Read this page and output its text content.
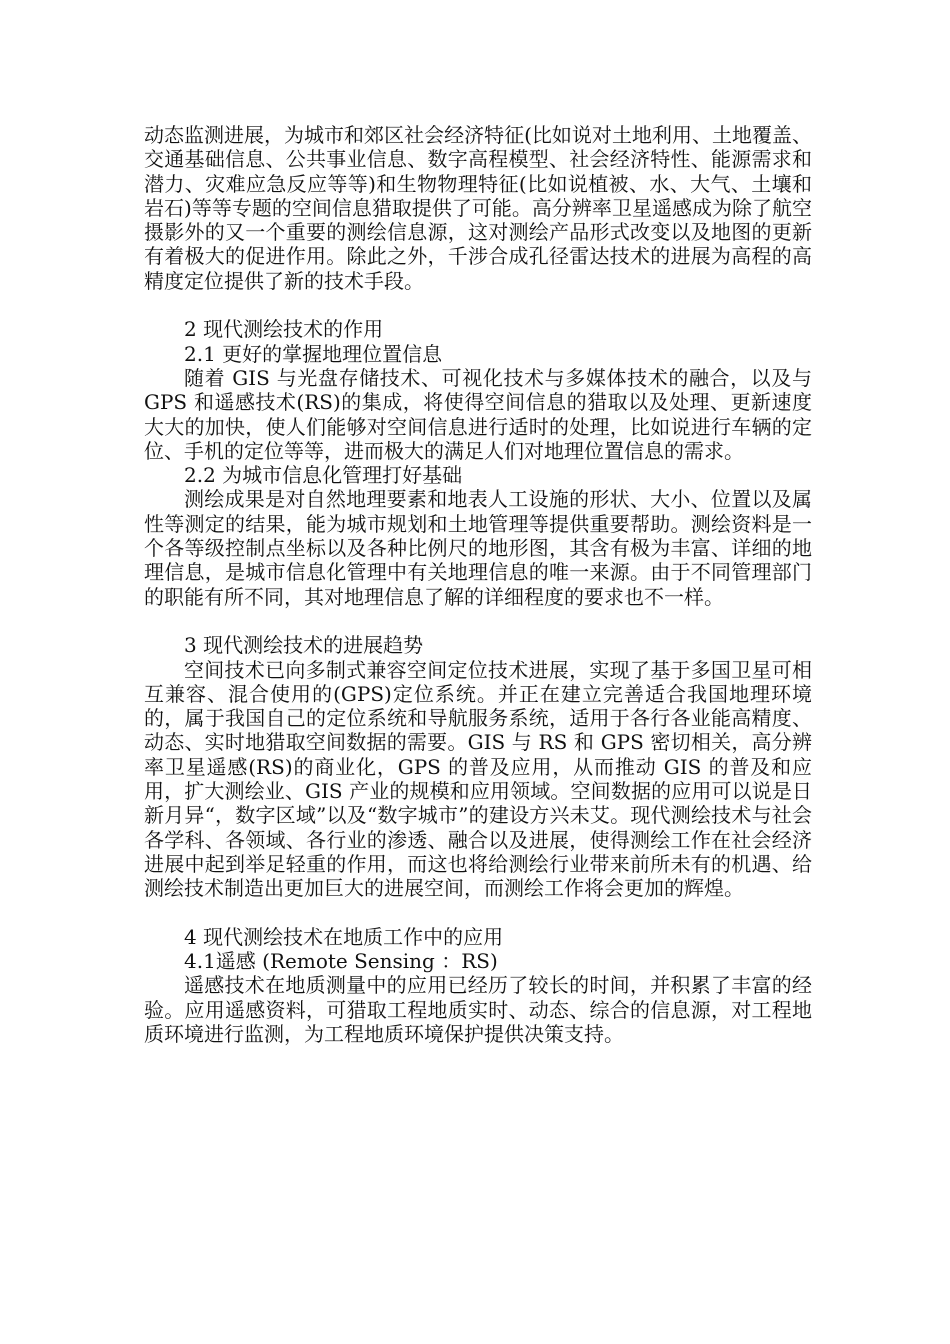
动态监测进展，为城市和郊区社会经济特征(比如说对土地利用、土地覆盖、交通基础信息、公共事业信息、数字高程模型、社会经济特性、能源需求和潜力、灾难应急反应等等)和生物物理特征(比如说植被、水、大气、土壤和岩石)等等专题的空间信息猎取提供了可能。高分辨率卫星遥感成为除了航空摄影外的又一个重要的测绘信息源，这对测绘产品形式改变以及地图的更新有着极大的促进作用。除此之外，千涉合成孔径雷达技术的进展为高程的高精度定位提供了新的技术手段。

2 现代测绘技术的作用
2.1 更好的掌握地理位置信息

随着 GIS 与光盘存储技术、可视化技术与多媒体技术的融合，以及与 GPS 和遥感技术(RS)的集成，将使得空间信息的猎取以及处理、更新速度大大的加快，使人们能够对空间信息进行适时的处理，比如说进行车辆的定位、手机的定位等等，进而极大的满足人们对地理位置信息的需求。

2.2 为城市信息化管理打好基础

测绘成果是对自然地理要素和地表人工设施的形状、大小、位置以及属性等测定的结果，能为城市规划和土地管理等提供重要帮助。测绘资料是一个各等级控制点坐标以及各种比例尺的地形图，其含有极为丰富、详细的地理信息，是城市信息化管理中有关地理信息的唯一来源。由于不同管理部门的职能有所不同，其对地理信息了解的详细程度的要求也不一样。

3 现代测绘技术的进展趋势

空间技术已向多制式兼容空间定位技术进展，实现了基于多国卫星可相互兼容、混合使用的(GPS)定位系统。并正在建立完善适合我国地理环境的，属于我国自己的定位系统和导航服务系统，适用于各行各业能高精度、动态、实时地猎取空间数据的需要。GIS 与 RS 和 GPS 密切相关，高分辨率卫星遥感(RS)的商业化，GPS 的普及应用，从而推动 GIS 的普及和应用，扩大测绘业、GIS 产业的规模和应用领域。空间数据的应用可以说是日新月异“，数字区域”以及“数字城市”的建设方兴未艾。现代测绘技术与社会各学科、各领域、各行业的渗透、融合以及进展，使得测绘工作在社会经济进展中起到举足轻重的作用，而这也将给测绘行业带来前所未有的机遇、给测绘技术制造出更加巨大的进展空间，而测绘工作将会更加的辉煌。

4 现代测绘技术在地质工作中的应用
4.1遥感 (Remote Sensing ：RS)

遥感技术在地质测量中的应用已经历了较长的时间，并积累了丰富的经验。应用遥感资料，可猎取工程地质实时、动态、综合的信息源，对工程地质环境进行监测，为工程地质环境保护提供决策支持。
